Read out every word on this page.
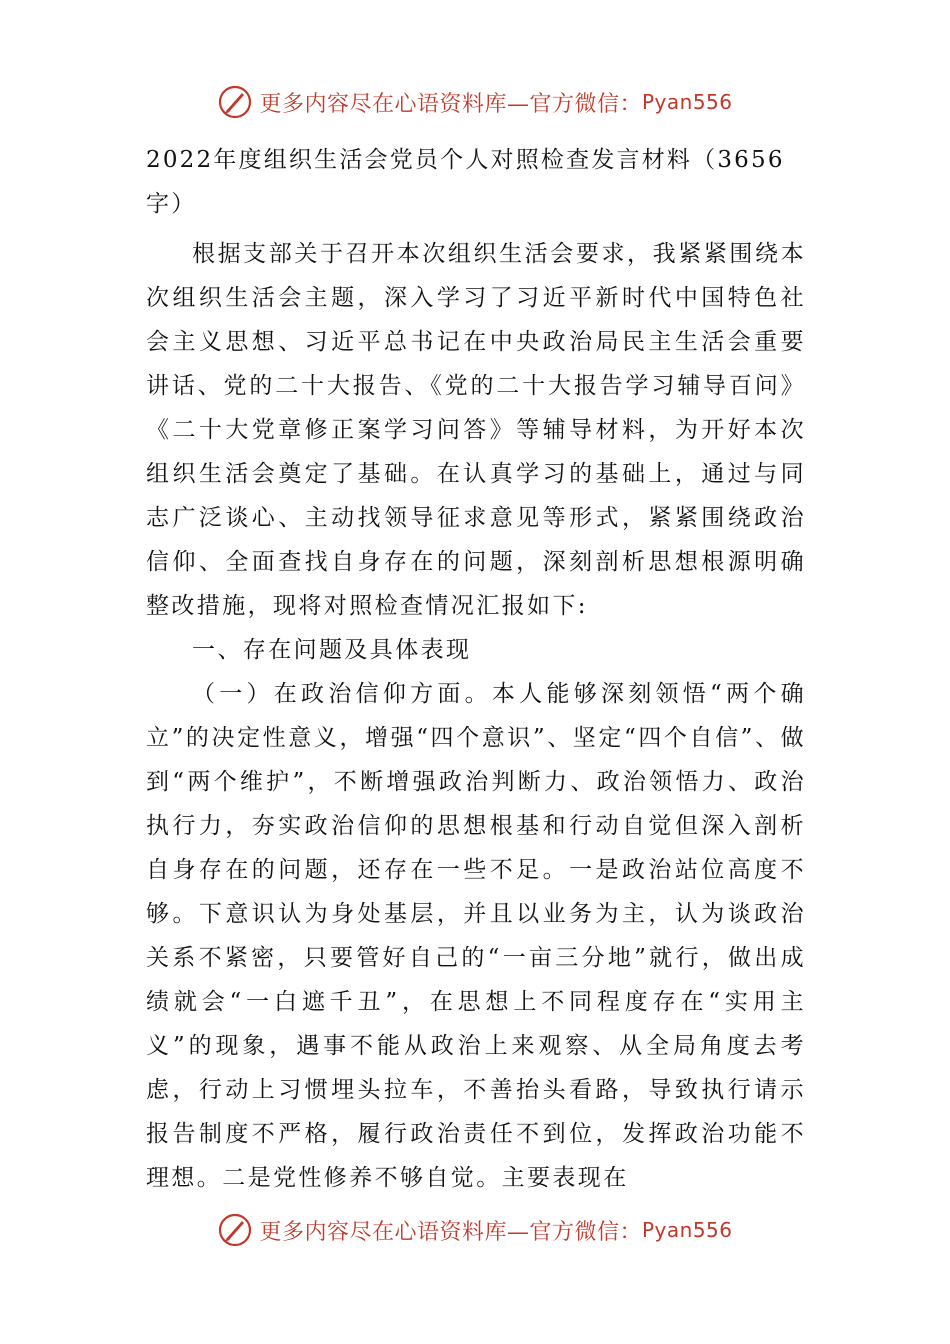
更多内容尽在心语资料库—官方微信： Pyan556
2022年度组织生活会党员个人对照检查发言材料（3656字）

根据支部关于召开本次组织生活会要求，我紧紧围绕本次组织生活会主题，深入学习了习近平新时代中国特色社会主义思想、习近平总书记在中央政治局民主生活会重要讲话、党的二十大报告、《党的二十大报告学习辅导百问》《二十大党章修正案学习问答》等辅导材料，为开好本次组织生活会奠定了基础。在认真学习的基础上，通过与同志广泛谈心、主动找领导征求意见等形式，紧紧围绕政治信仰、全面查找自身存在的问题，深刻剖析思想根源明确整改措施，现将对照检查情况汇报如下:

一、存在问题及具体表现

（一）在政治信仰方面。本人能够深刻领悟“两个确立”的决定性意义，增强“四个意识”、坚定“四个自信”、做到“两个维护”，不断增强政治判断力、政治领悟力、政治执行力，夯实政治信仰的思想根基和行动自觉但深入剖析自身存在的问题，还存在一些不足。一是政治站位高度不够。下意识认为身处基层，并且以业务为主，认为谈政治关系不紧密，只要管好自己的“一亩三分地”就行，做出成绩就会“一白遮千丑”，在思想上不同程度存在“实用主义”的现象，遇事不能从政治上来观察、从全局角度去考虑，行动上习惯埋头拉车，不善抬头看路，导致执行请示报告制度不严格，履行政治责任不到位，发挥政治功能不理想。二是党性修养不够自觉。主要表现在

更多内容尽在心语资料库—官方微信： Pyan556
